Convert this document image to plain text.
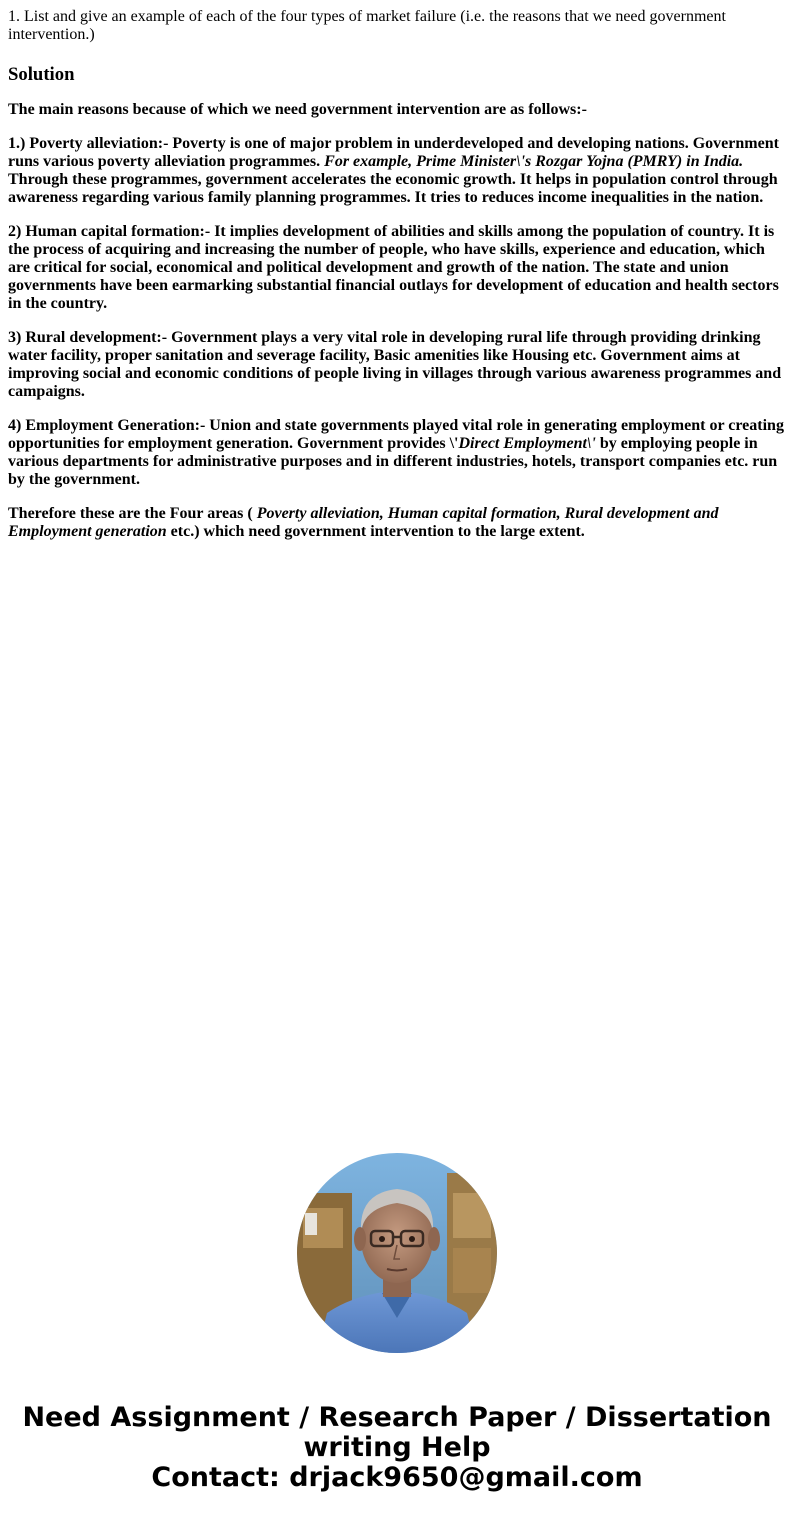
1. List and give an example of each of the four types of market failure (i.e. the reasons that we need government intervention.)

Solution

The main reasons because of which we need government intervention are as follows:-

1.) Poverty alleviation:- Poverty is one of major problem in underdeveloped and developing nations. Government runs various poverty alleviation programmes. For example, Prime Minister\'s Rozgar Yojna (PMRY) in India. Through these programmes, government accelerates the economic growth. It helps in population control through awareness regarding various family planning programmes. It tries to reduces income inequalities in the nation.

2) Human capital formation:- It implies development of abilities and skills among the population of country. It is the process of acquiring and increasing the number of people, who have skills, experience and education, which are critical for social, economical and political development and growth of the nation. The state and union governments have been earmarking substantial financial outlays for development of education and health sectors in the country.

3) Rural development:- Government plays a very vital role in developing rural life through providing drinking water facility, proper sanitation and severage facility, Basic amenities like Housing etc. Government aims at improving social and economic conditions of people living in villages through various awareness programmes and campaigns.

4) Employment Generation:- Union and state governments played vital role in generating employment or creating opportunities for employment generation. Government provides \'Direct Employment\' by employing people in various departments for administrative purposes and in different industries, hotels, transport companies etc. run by the government.

Therefore these are the Four areas ( Poverty alleviation, Human capital formation, Rural development and Employment generation etc.) which need government intervention to the large extent.

Need Assignment / Research Paper / Dissertation
writing Help
Contact: drjack9650@gmail.com
